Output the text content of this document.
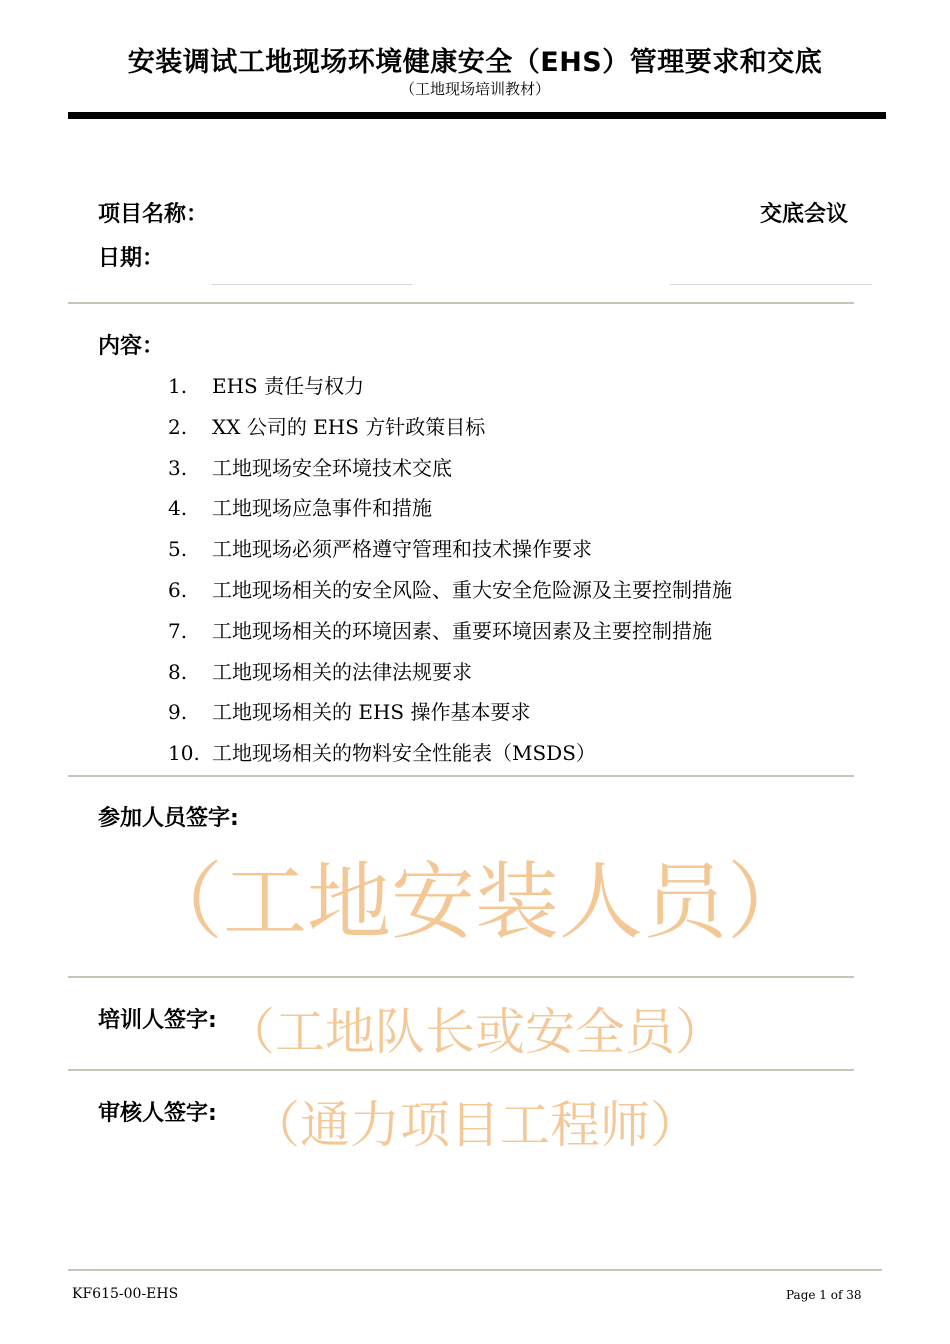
安装调试工地现场环境健康安全（EHS）管理要求和交底
（工地现场培训教材）
项目名称：	交底会议
日期：
内容：
1. EHS 责任与权力
2. XX 公司的 EHS 方针政策目标
3. 工地现场安全环境技术交底
4. 工地现场应急事件和措施
5. 工地现场必须严格遵守管理和技术操作要求
6. 工地现场相关的安全风险、重大安全危险源及主要控制措施
7. 工地现场相关的环境因素、重要环境因素及主要控制措施
8. 工地现场相关的法律法规要求
9. 工地现场相关的 EHS 操作基本要求
10. 工地现场相关的物料安全性能表（MSDS）
参加人员签字:
（工地安装人员）
培训人签字: （工地队长或安全员）
审核人签字: （通力项目工程师）
KF615-00-EHS	Page 1 of 38
